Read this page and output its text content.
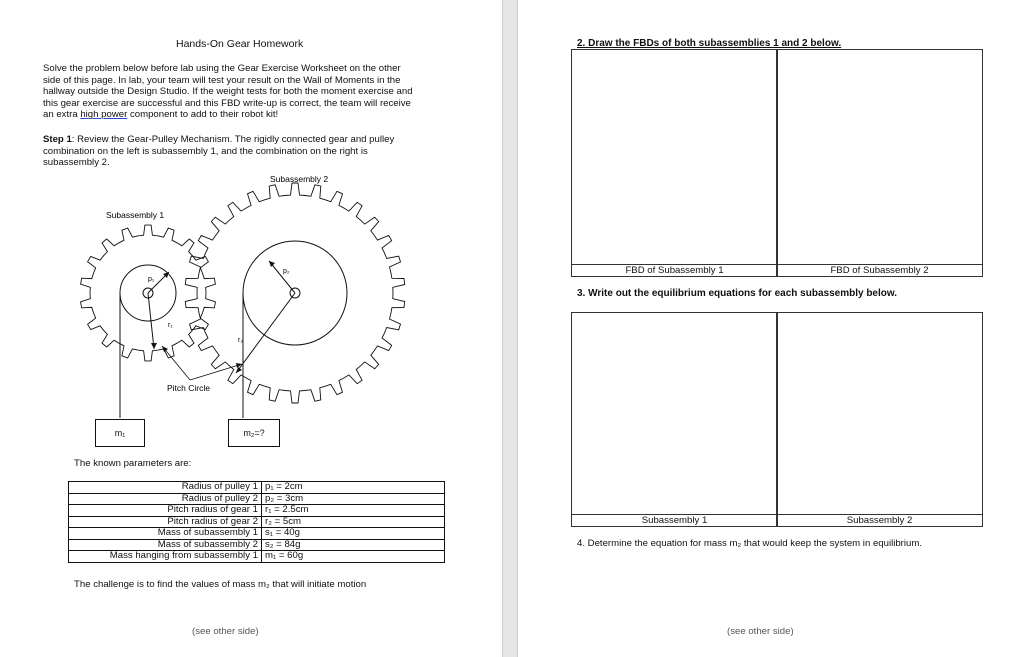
Hands-On Gear Homework
Solve the problem below before lab using the Gear Exercise Worksheet on the other
side of this page. In lab, your team will test your result on the Wall of Moments in the
hallway outside the Design Studio. If the weight tests for both the moment exercise and
this gear exercise are successful and this FBD write-up is correct, the team will receive
an extra high power component to add to their robot kit!
Step 1: Review the Gear-Pulley Mechanism. The rigidly connected gear and pulley
combination on the left is subassembly 1, and the combination on the right is
subassembly 2.
Subassembly 2
Subassembly 1
p₁
p₂
r₁
r₂
Pitch Circle
m₁	m₂=?
The known parameters are:
Radius of pulley 1	p₁ = 2cm
Radius of pulley 2	p₂ = 3cm
Pitch radius of gear 1	r₁ = 2.5cm
Pitch radius of gear 2	r₂ = 5cm
Mass of subassembly 1	s₁ = 40g
Mass of subassembly 2	s₂ = 84g
Mass hanging from subassembly 1	m₁ = 60g
The challenge is to find the values of mass m₂ that will initiate motion
(see other side)
2. Draw the FBDs of both subassemblies 1 and 2 below.
FBD of Subassembly 1	FBD of Subassembly 2
3. Write out the equilibrium equations for each subassembly below.
Subassembly 1	Subassembly 2
4. Determine the equation for mass m₂ that would keep the system in equilibrium.
(see other side)
